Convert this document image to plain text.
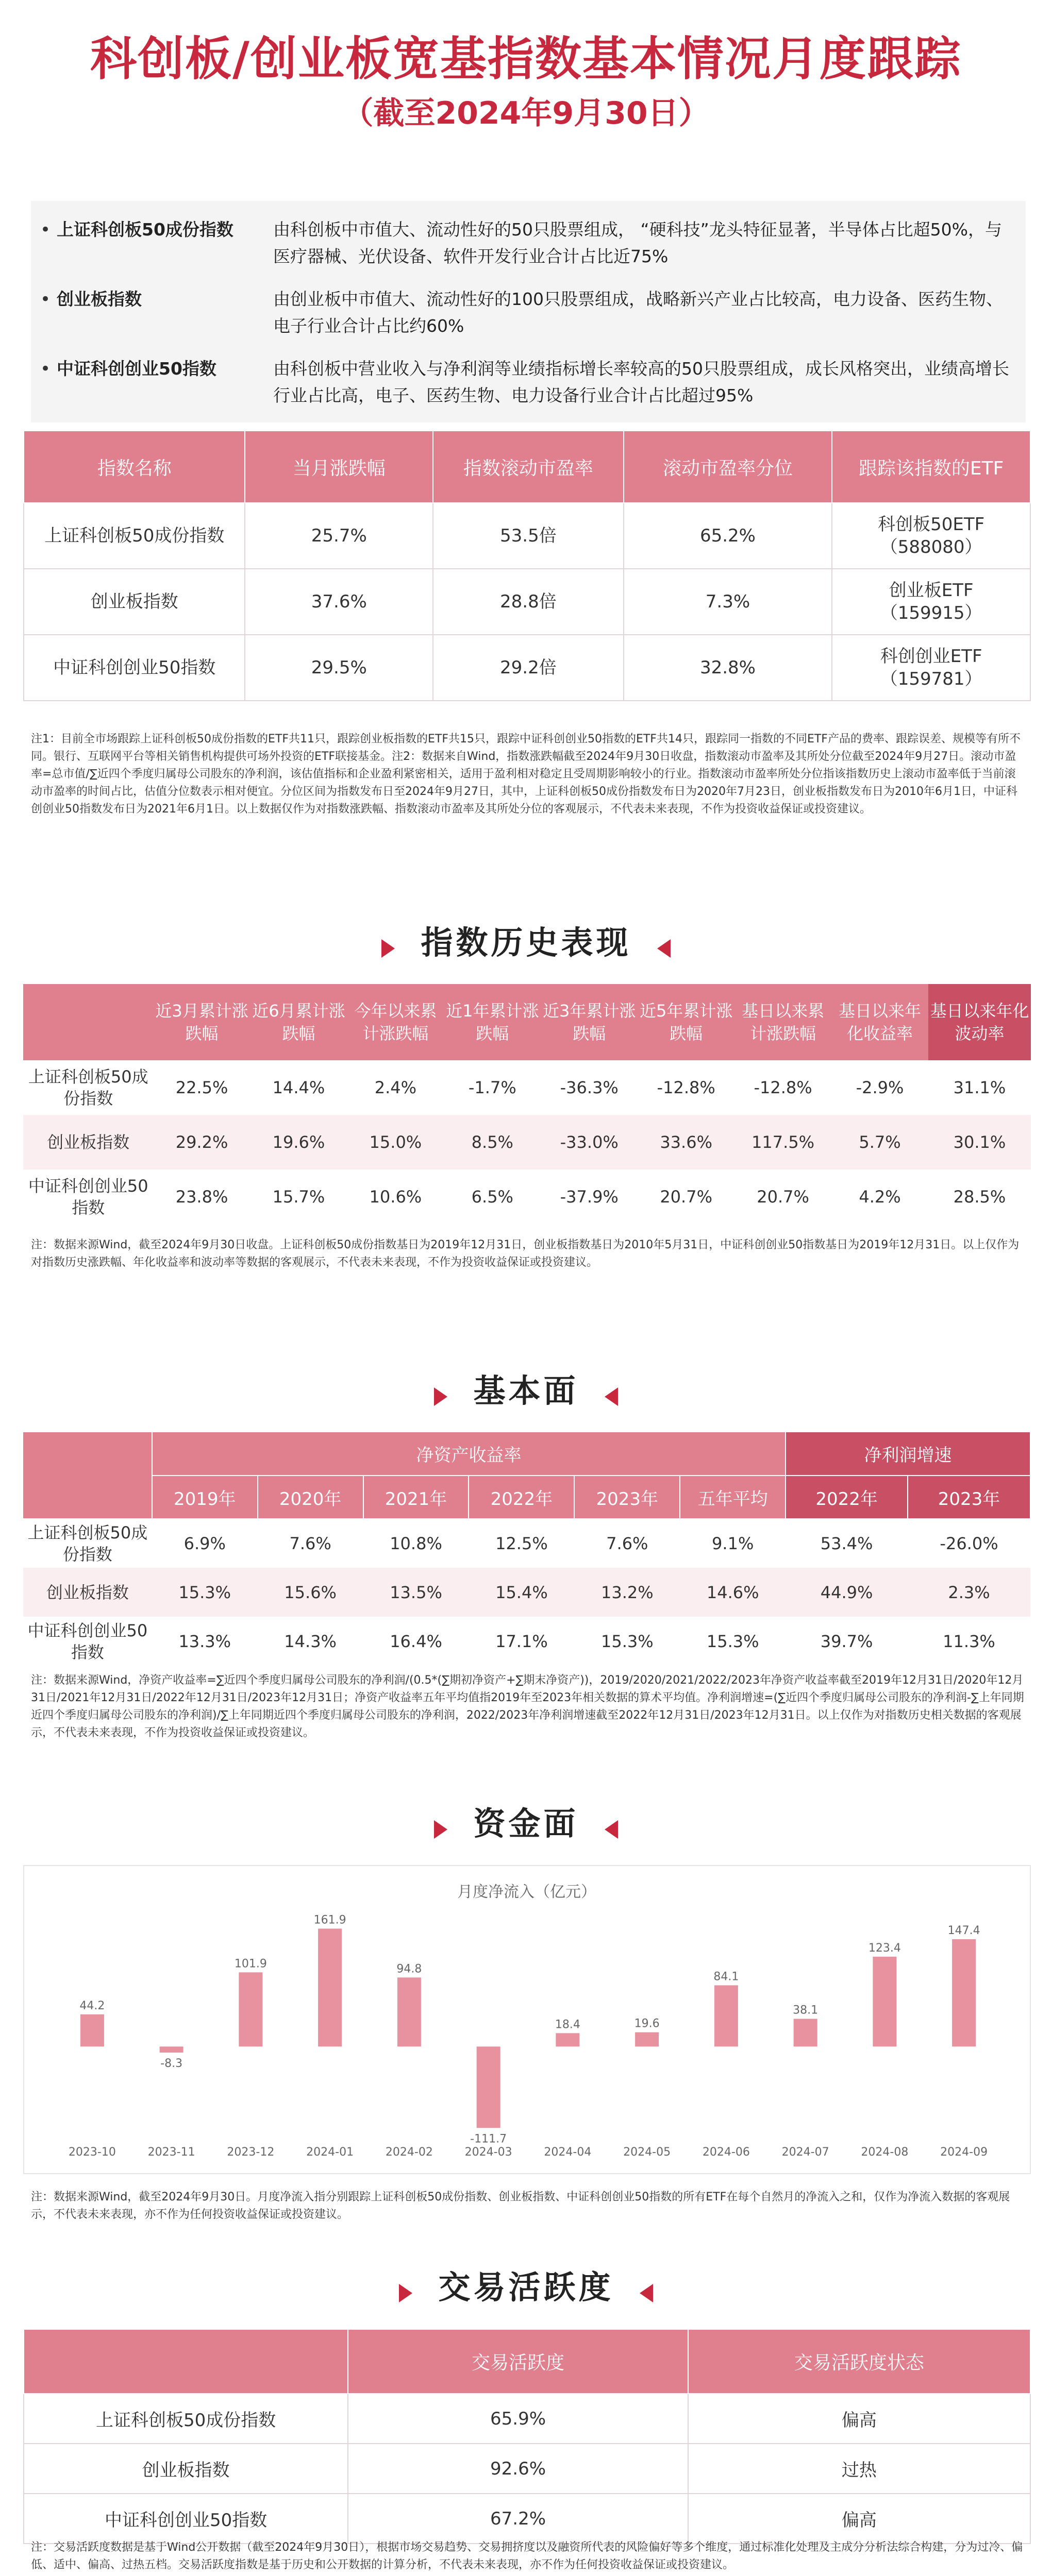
科创板/创业板宽基指数基本情况月度跟踪
（截至2024年9月30日）
• 上证科创板50成份指数	由科创板中市值大、流动性好的50只股票组成， “硬科技”龙头特征显著，半导体占比超50%，与医疗器械、光伏设备、软件开发行业合计占比近75%
• 创业板指数	由创业板中市值大、流动性好的100只股票组成，战略新兴产业占比较高，电力设备、医药生物、电子行业合计占比约60%
• 中证科创创业50指数	由科创板中营业收入与净利润等业绩指标增长率较高的50只股票组成，成长风格突出，业绩高增长行业占比高，电子、医药生物、电力设备行业合计占比超过95%
指数名称	当月涨跌幅	指数滚动市盈率	滚动市盈率分位	跟踪该指数的ETF
上证科创板50成份指数	25.7%	53.5倍	65.2%	科创板50ETF
（588080）

创业板指数	37.6%	28.8倍	7.3%	创业板ETF
（159915）

中证科创创业50指数	29.5%	29.2倍	32.8%	科创创业ETF
（159781）
注1：目前全市场跟踪上证科创板50成份指数的ETF共11只，跟踪创业板指数的ETF共15只，跟踪中证科创创业50指数的ETF共14只，跟踪同一指数的不同ETF产品的费率、跟踪误差、规模等有所不同。银行、互联网平台等相关销售机构提供可场外投资的ETF联接基金。注2：数据来自Wind，指数涨跌幅截至2024年9月30日收盘，指数滚动市盈率及其所处分位截至2024年9月27日。滚动市盈率=总市值/∑近四个季度归属母公司股东的净利润，该估值指标和企业盈利紧密相关，适用于盈利相对稳定且受周期影响较小的行业。指数滚动市盈率所处分位指该指数历史上滚动市盈率低于当前滚动市盈率的时间占比，估值分位数表示相对便宜。分位区间为指数发布日至2024年9月27日，其中，上证科创板50成份指数发布日为2020年7月23日，创业板指数发布日为2010年6月1日，中证科创创业50指数发布日为2021年6月1日。以上数据仅作为对指数涨跌幅、指数滚动市盈率及其所处分位的客观展示，不代表未来表现，不作为投资收益保证或投资建议。
指数历史表现
	近3月累计涨跌幅	近6月累计涨跌幅	今年以来累计涨跌幅	近1年累计涨跌幅	近3年累计涨跌幅	近5年累计涨跌幅	基日以来累计涨跌幅	基日以来年化收益率	基日以来年化波动率
上证科创板50成份指数	22.5%	14.4%	2.4%	-1.7%	-36.3%	-12.8%	-12.8%	-2.9%	31.1%
创业板指数	29.2%	19.6%	15.0%	8.5%	-33.0%	33.6%	117.5%	5.7%	30.1%
中证科创创业50指数	23.8%	15.7%	10.6%	6.5%	-37.9%	20.7%	20.7%	4.2%	28.5%
注：数据来源Wind，截至2024年9月30日收盘。上证科创板50成份指数基日为2019年12月31日，创业板指数基日为2010年5月31日，中证科创创业50指数基日为2019年12月31日。以上仅作为对指数历史涨跌幅、年化收益率和波动率等数据的客观展示，不代表未来表现，不作为投资收益保证或投资建议。
基本面
	净资产收益率						净利润增速	
	2019年	2020年	2021年	2022年	2023年	五年平均	2022年	2023年
上证科创板50成份指数	6.9%	7.6%	10.8%	12.5%	7.6%	9.1%	53.4%	-26.0%
创业板指数	15.3%	15.6%	13.5%	15.4%	13.2%	14.6%	44.9%	2.3%
中证科创创业50指数	13.3%	14.3%	16.4%	17.1%	15.3%	15.3%	39.7%	11.3%
注：数据来源Wind，净资产收益率=∑近四个季度归属母公司股东的净利润/(0.5*(∑期初净资产+∑期末净资产))，2019/2020/2021/2022/2023年净资产收益率截至2019年12月31日/2020年12月31日/2021年12月31日/2022年12月31日/2023年12月31日；净资产收益率五年平均值指2019年至2023年相关数据的算术平均值。净利润增速=(∑近四个季度归属母公司股东的净利润-∑上年同期近四个季度归属母公司股东的净利润)/∑上年同期近四个季度归属母公司股东的净利润，2022/2023年净利润增速截至2022年12月31日/2023年12月31日。以上仅作为对指数历史相关数据的客观展示，不代表未来表现，不作为投资收益保证或投资建议。
资金面
月度净流入（亿元）
44.2
2023-10
-8.3
2023-11
101.9
2023-12
161.9
2024-01
94.8
2024-02
-111.7
2024-03
18.4
2024-04
19.6
2024-05
84.1
2024-06
38.1
2024-07
123.4
2024-08
147.4
2024-09
注：数据来源Wind，截至2024年9月30日。月度净流入指分别跟踪上证科创板50成份指数、创业板指数、中证科创创业50指数的所有ETF在每个自然月的净流入之和，仅作为净流入数据的客观展示，不代表未来表现，亦不作为任何投资收益保证或投资建议。
交易活跃度
	交易活跃度	交易活跃度状态
上证科创板50成份指数	65.9%	偏高
创业板指数	92.6%	过热
中证科创创业50指数	67.2%	偏高
注：交易活跃度数据是基于Wind公开数据（截至2024年9月30日），根据市场交易趋势、交易拥挤度以及融资所代表的风险偏好等多个维度，通过标准化处理及主成分分析法综合构建，分为过冷、偏低、适中、偏高、过热五档。交易活跃度指数是基于历史和公开数据的计算分析，不代表未来表现，亦不作为任何投资收益保证或投资建议。
